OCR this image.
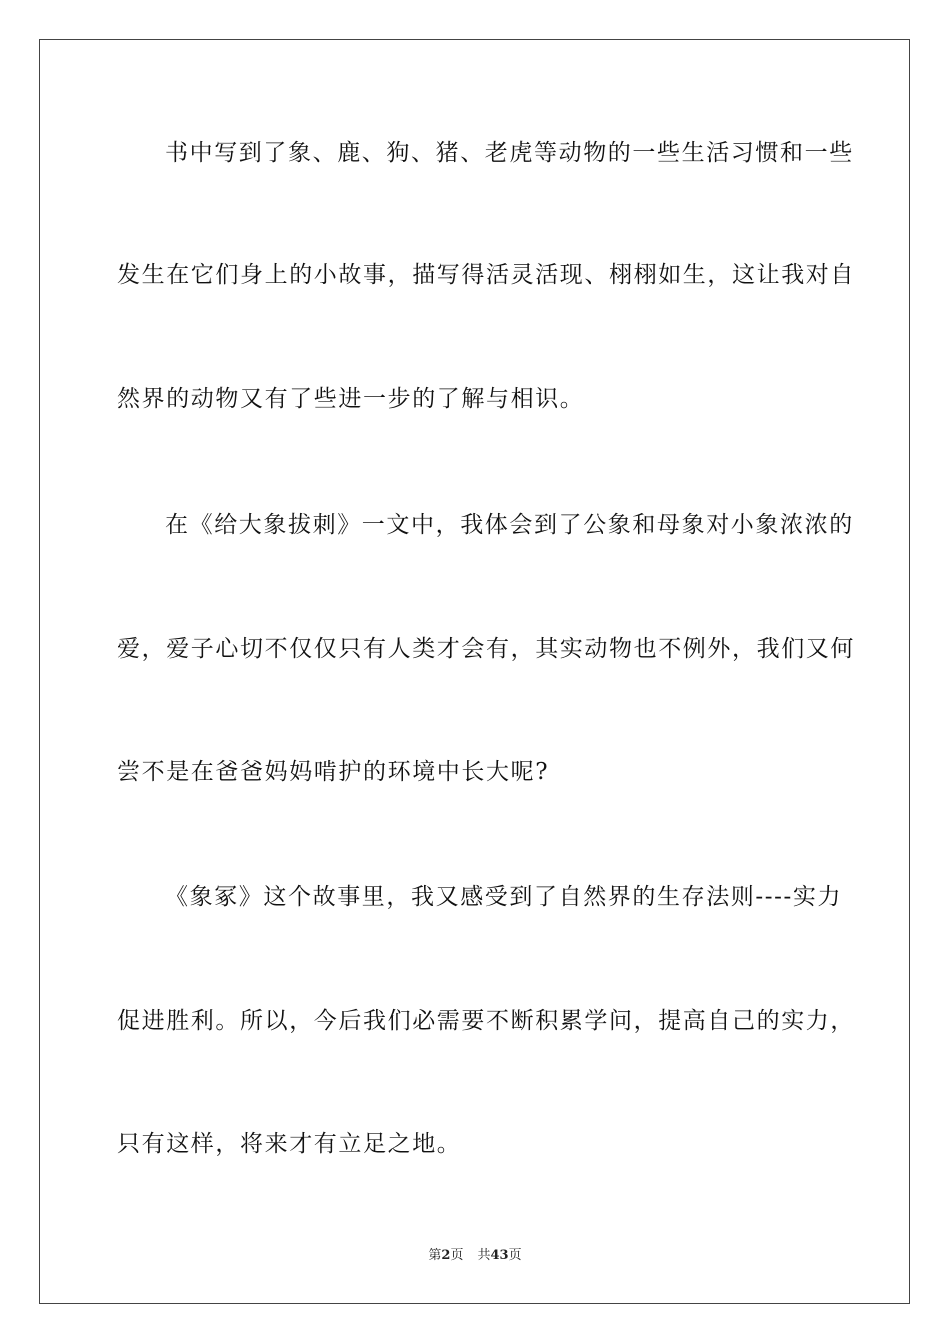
书中写到了象、鹿、狗、猪、老虎等动物的一些生活习惯和一些
发生在它们身上的小故事，描写得活灵活现、栩栩如生，这让我对自
然界的动物又有了些进一步的了解与相识。
在《给大象拔刺》一文中，我体会到了公象和母象对小象浓浓的
爱，爱子心切不仅仅只有人类才会有，其实动物也不例外，我们又何
尝不是在爸爸妈妈啃护的环境中长大呢?
《象冢》这个故事里，我又感受到了自然界的生存法则----实力
促进胜利。所以，今后我们必需要不断积累学问，提高自己的实力，
只有这样，将来才有立足之地。
第2页 共43页
